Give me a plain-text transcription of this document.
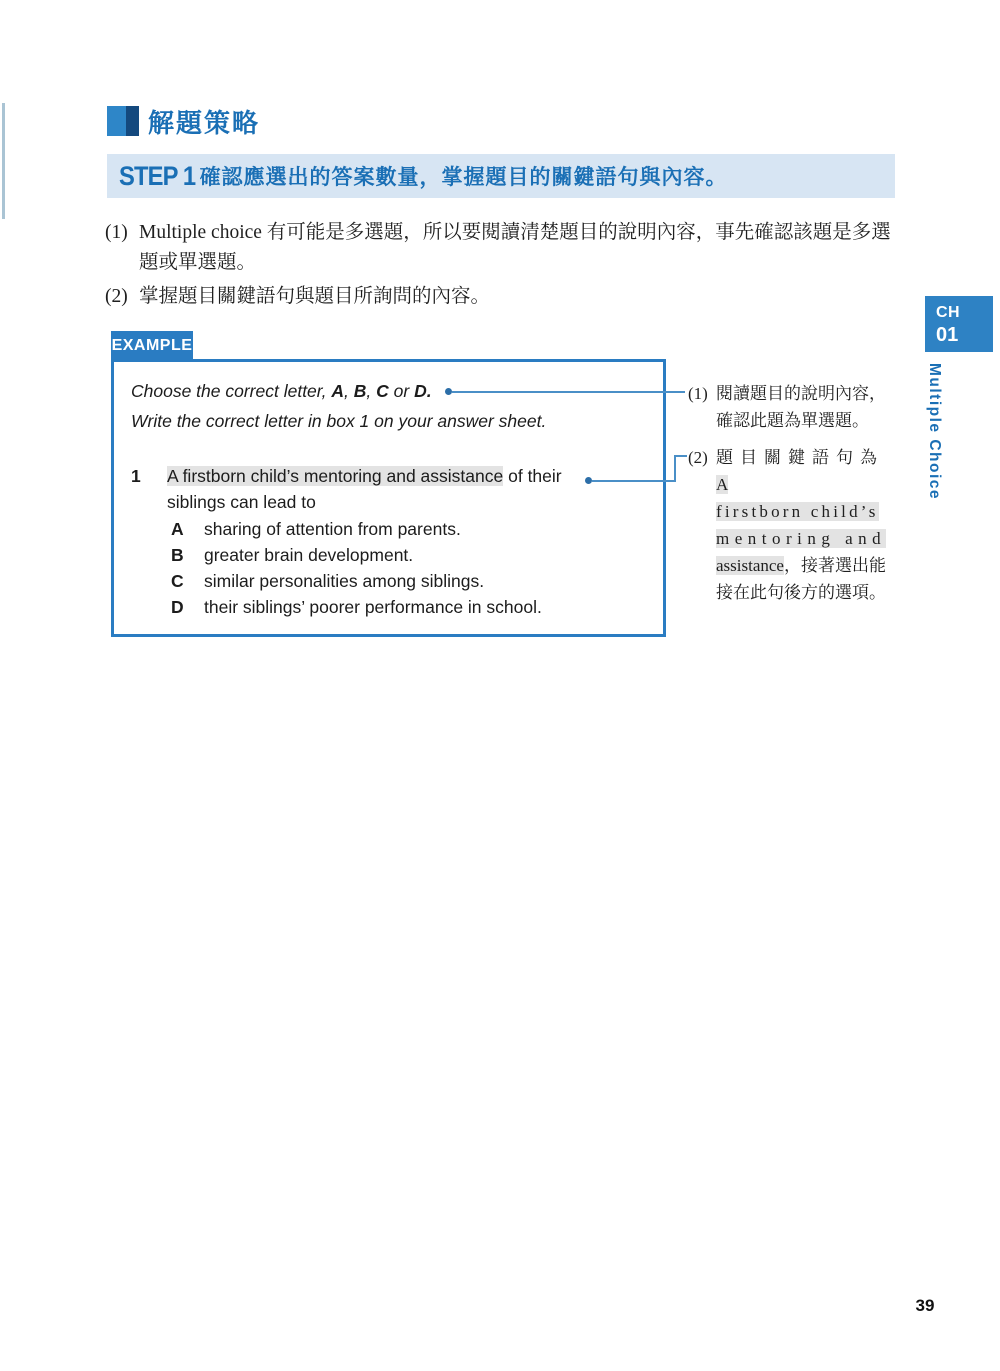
解題策略
STEP 1 確認應選出的答案數量，掌握題目的關鍵語句與內容。
(1) Multiple choice 有可能是多選題，所以要閱讀清楚題目的說明內容，事先確認該題是多選題或單選題。
(2) 掌握題目關鍵語句與題目所詢問的內容。
EXAMPLE
Choose the correct letter, A, B, C or D.
Write the correct letter in box 1 on your answer sheet.
1 A firstborn child’s mentoring and assistance of their
siblings can lead to
A sharing of attention from parents.
B greater brain development.
C similar personalities among siblings.
D their siblings’ poorer performance in school.
(1) 閱讀題目的說明內容，
確認此題為單選題。
(2) 題目關鍵語句為 A
firstborn child’s
mentoring and
assistance，接著選出能
接在此句後方的選項。
CH
01
Multiple Choice
39
